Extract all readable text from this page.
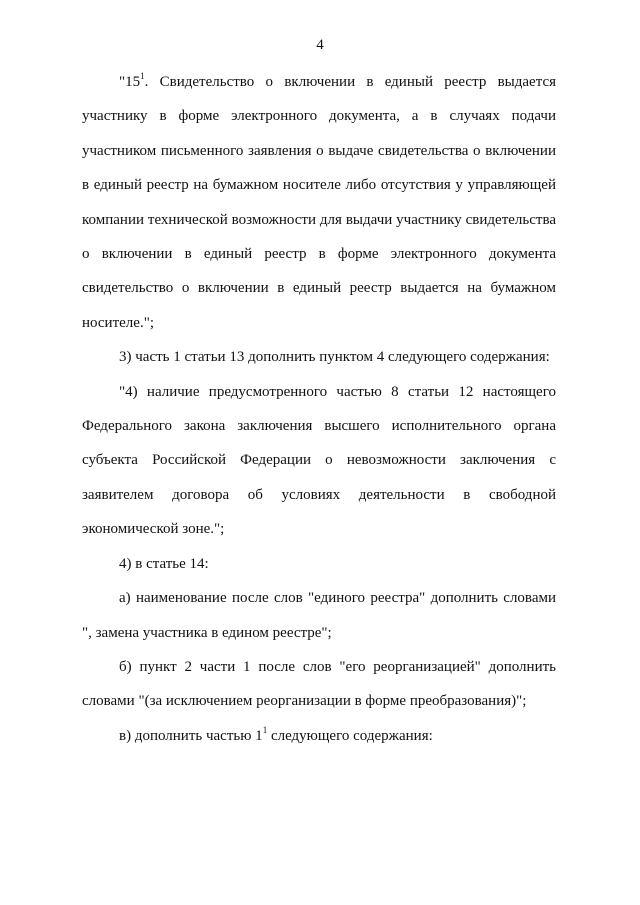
4

"$15^1$. Свидетельство о включении в единый реестр выдается участнику в форме электронного документа, а в случаях подачи участником письменного заявления о выдаче свидетельства о включении в единый реестр на бумажном носителе либо отсутствия у управляющей компании технической возможности для выдачи участнику свидетельства о включении в единый реестр в форме электронного документа свидетельство о включении в единый реестр выдается на бумажном носителе.";

3) часть 1 статьи 13 дополнить пунктом 4 следующего содержания:

"4) наличие предусмотренного частью 8 статьи 12 настоящего Федерального закона заключения высшего исполнительного органа субъекта Российской Федерации о невозможности заключения с заявителем договора об условиях деятельности в свободной экономической зоне.";

4) в статье 14:

а) наименование после слов "единого реестра" дополнить словами ", замена участника в едином реестре";

б) пункт 2 части 1 после слов "его реорганизацией" дополнить словами "(за исключением реорганизации в форме преобразования)";

в) дополнить частью $1^1$ следующего содержания:
